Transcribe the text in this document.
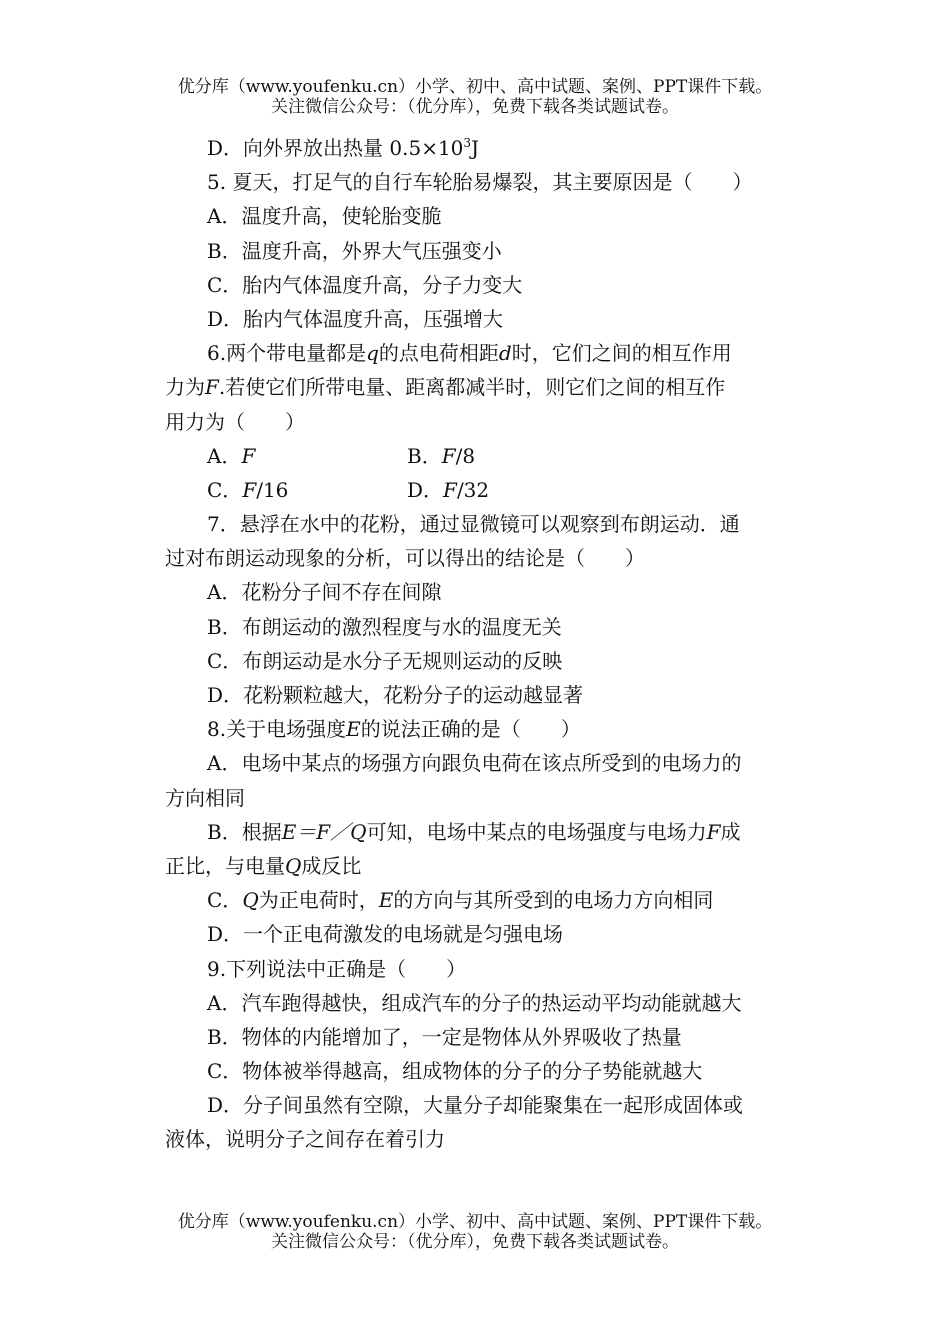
优分库（www.youfenku.cn）小学、初中、高中试题、案例、PPT课件下载。
关注微信公众号：（优分库），免费下载各类试题试卷。
D．向外界放出热量 $0.5\times 10^3J$
5. 夏天，打足气的自行车轮胎易爆裂，其主要原因是（　　）
A．温度升高，使轮胎变脆
B．温度升高，外界大气压强变小
C．胎内气体温度升高，分子力变大
D．胎内气体温度升高，压强增大
6.两个带电量都是q的点电荷相距d时，它们之间的相互作用
力为F.若使它们所带电量、距离都减半时，则它们之间的相互作
用力为（　　）
A．F	B．F/8
C．F/16	D．F/32
7．悬浮在水中的花粉，通过显微镜可以观察到布朗运动．通
过对布朗运动现象的分析，可以得出的结论是（　　）
A．花粉分子间不存在间隙
B．布朗运动的激烈程度与水的温度无关
C．布朗运动是水分子无规则运动的反映
D．花粉颗粒越大，花粉分子的运动越显著
8.关于电场强度E的说法正确的是（　　）
A．电场中某点的场强方向跟负电荷在该点所受到的电场力的
方向相同
B．根据E＝F／Q可知，电场中某点的电场强度与电场力F成
正比，与电量Q成反比
C．Q为正电荷时，E的方向与其所受到的电场力方向相同
D．一个正电荷激发的电场就是匀强电场
9.下列说法中正确是（　　）
A．汽车跑得越快，组成汽车的分子的热运动平均动能就越大
B．物体的内能增加了，一定是物体从外界吸收了热量
C．物体被举得越高，组成物体的分子的分子势能就越大
D．分子间虽然有空隙，大量分子却能聚集在一起形成固体或
液体，说明分子之间存在着引力
优分库（www.youfenku.cn）小学、初中、高中试题、案例、PPT课件下载。
关注微信公众号：（优分库），免费下载各类试题试卷。
